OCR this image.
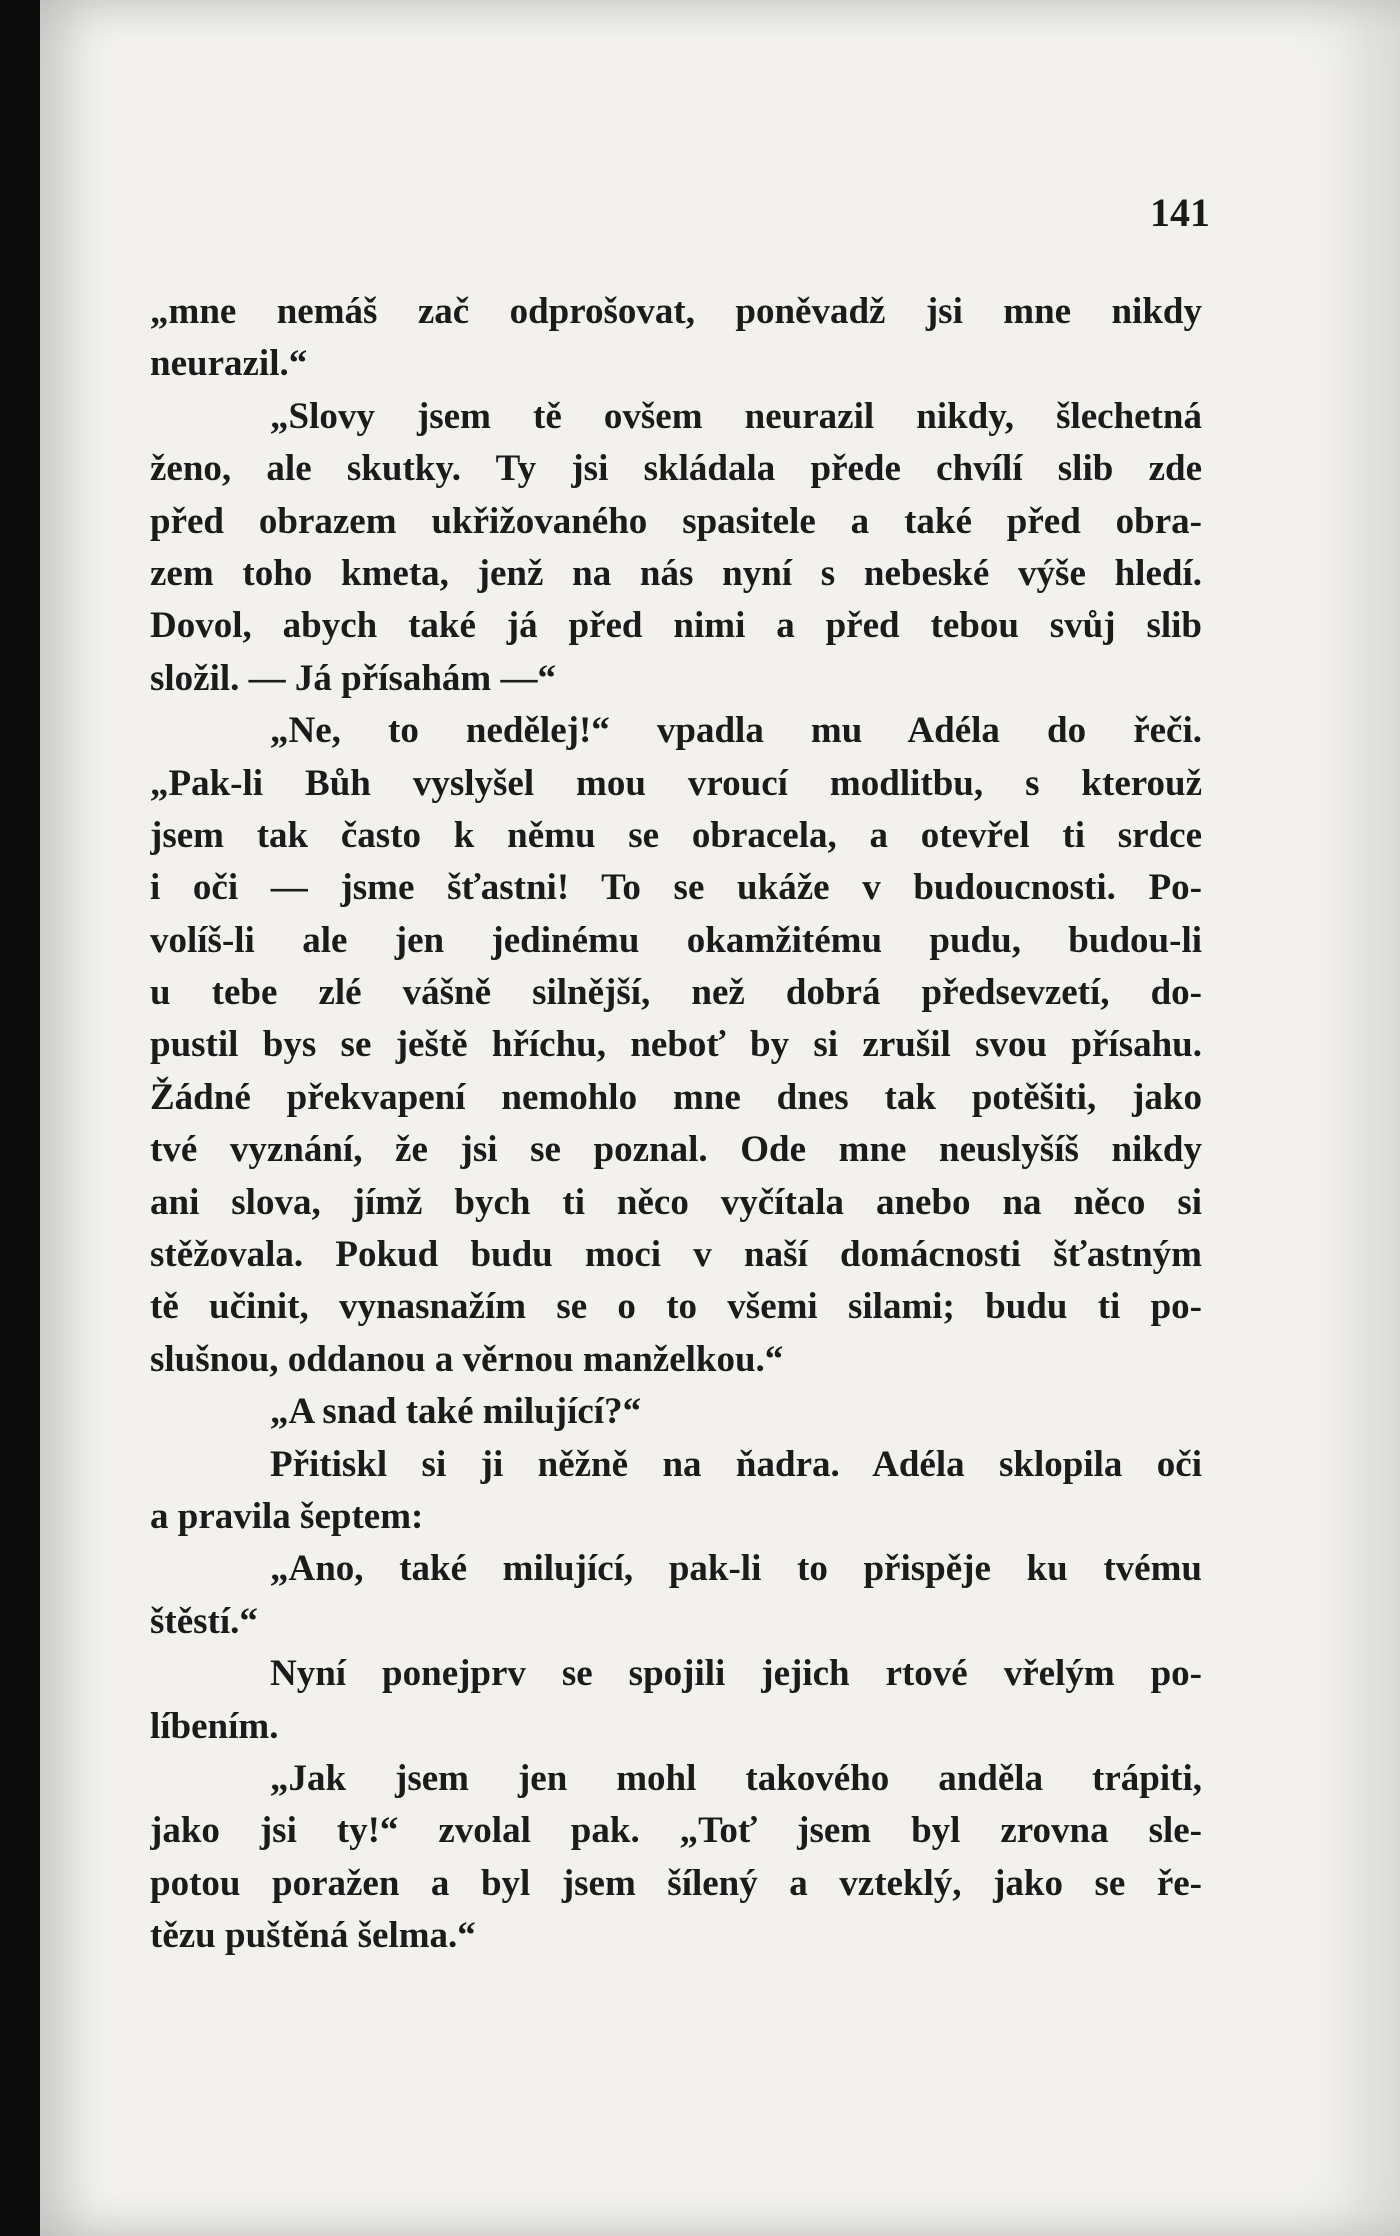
141
„mne nemáš zač odprošovat, poněvadž jsi mne nikdy
neurazil.“
„Slovy jsem tě ovšem neurazil nikdy, šlechetná
ženo, ale skutky. Ty jsi skládala přede chvílí slib zde
před obrazem ukřižovaného spasitele a také před obra-
zem toho kmeta, jenž na nás nyní s nebeské výše hledí.
Dovol, abych také já před nimi a před tebou svůj slib
složil. — Já přísahám —“
„Ne, to nedělej!“ vpadla mu Adéla do řeči.
„Pak-li Bůh vyslyšel mou vroucí modlitbu, s kterouž
jsem tak často k němu se obracela, a otevřel ti srdce
i oči — jsme šťastni! To se ukáže v budoucnosti. Po-
volíš-li ale jen jedinému okamžitému pudu, budou-li
u tebe zlé vášně silnější, než dobrá předsevzetí, do-
pustil bys se ještě hříchu, neboť by si zrušil svou přísahu.
Žádné překvapení nemohlo mne dnes tak potěšiti, jako
tvé vyznání, že jsi se poznal. Ode mne neuslyšíš nikdy
ani slova, jímž bych ti něco vyčítala anebo na něco si
stěžovala. Pokud budu moci v naší domácnosti šťastným
tě učinit, vynasnažím se o to všemi silami; budu ti po-
slušnou, oddanou a věrnou manželkou.“
„A snad také milující?“
Přitiskl si ji něžně na ňadra. Adéla sklopila oči
a pravila šeptem:
„Ano, také milující, pak-li to přispěje ku tvému
štěstí.“
Nyní ponejprv se spojili jejich rtové vřelým po-
líbením.
„Jak jsem jen mohl takového anděla trápiti,
jako jsi ty!“ zvolal pak. „Toť jsem byl zrovna sle-
potou poražen a byl jsem šílený a vzteklý, jako se ře-
tězu puštěná šelma.“
